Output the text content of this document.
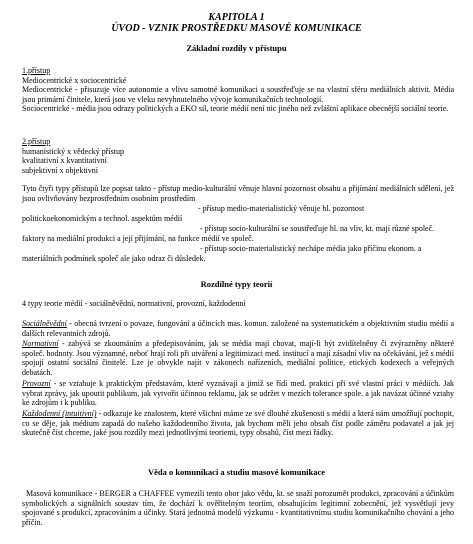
KAPITOLA 1
ÚVOD - VZNIK PROSTŘEDKU MASOVÉ KOMUNIKACE
Základní rozdíly v přístupu
1.přístup
Mediocentrické x sociocentrické
Mediocentrické - přisuzuje více autonomie a vlivu samotné komunikaci a soustřeďuje se na vlastní sféru mediálních aktivit. Média jsou primární činitele, která jsou ve vleku nevyhnutelného vývoje komunikačních technologií.
Sociocentrické - média jsou odrazy politických a EKO sil, teorie médií není nic jiného než zvláštní aplikace obecnější sociální teorie.
2.přístup
humanistický x vědecký přístup
kvalitativní x kvantitativní
subjektivní x objektivní
Tyto čtyři typy přístupů lze popsat takto - přístup medio-kulturální věnuje hlavní pozornost obsahu a přijímání mediálních sdělení, jež jsou ovlivňovány bezprostředním osobním prostředím
- přístup medio-materialistický věnuje hl. pozornost
politickoekonomickým a technol. aspektům médií
- přístup socio-kulturální se soustřeďuje hl. na vliv, kt. mají různé společ.
faktory na mediální produkci a její přijímání, na funkce médií ve společ.
- přístup socio-materialistický nechápe média jako příčinu ekonom. a
materiálních podmínek společ ale jako odraz či důsledek.
Rozdílné typy teorií
4 typy teorie médií - sociálněvědní, normativní, provozní, každodenní
Sociálněvědní - obecná tvrzení o povaze, fungování a účincích mas. komun. založené na systematickém a objektivním studiu médií a dalších relevantních zdrojů.
Normativní - zabývá se zkoumáním a předepisováním, jak se média mají chovat, mají-li být zvidítelněny či zvýrazněny některé společ. hodnoty. Jsou významné, neboť hrají roli při utváření a legitimizaci med. institucí a mají zásadní vliv na očekávání, jež s médii spojují ostatní sociální činitelé. Lze je obvykle najít v zákonech nařízeních, mediální politice, etických kodexech a veřejných debatách.
Provozní - se vztahuje k praktickým představám, které vyznávají a jimiž se řídí med. praktici při své vlastní práci v médiích. Jak vybrat zprávy, jak upoutit publikum, jak vytvořit účinnou reklamu, jak se udržet v mezích tolerance spole. a jak navázat účinné vztahy ke zdrojům i k publiku.
Každodenní (intuitivní) - odkazuje ke znalostem, které všichni máme ze své dlouhé zkušenosti s médii a která nám umožňují pochopit, co se děje, jak médium zapadá do našeho každodenního života, jak bychom měli jeho obsah číst podle záměru podavatel a jak jej skutečně číst chceme, jaké jsou rozdíly mezi jednotlivými teoriemi, typy obsahů, číst mezi řádky.
Věda o komunikaci a studiu masové komunikace
Masová komunikace - BERGER a CHAFFEE vymezili tento obor jako vědu, kt. se snaží porozumět produkci, zpracování a účinkům symbolických a signálních soustav tím, že dochází k ověřitelným teoriím, obsahujícím legitimní zobecnění, jež vysvětlují jevy spojované s produkcí, zpracováním a účinky. Stará jednotná modelů výzkumu - kvantitativnímu studiu komunikačního chování a jeho příčin.
